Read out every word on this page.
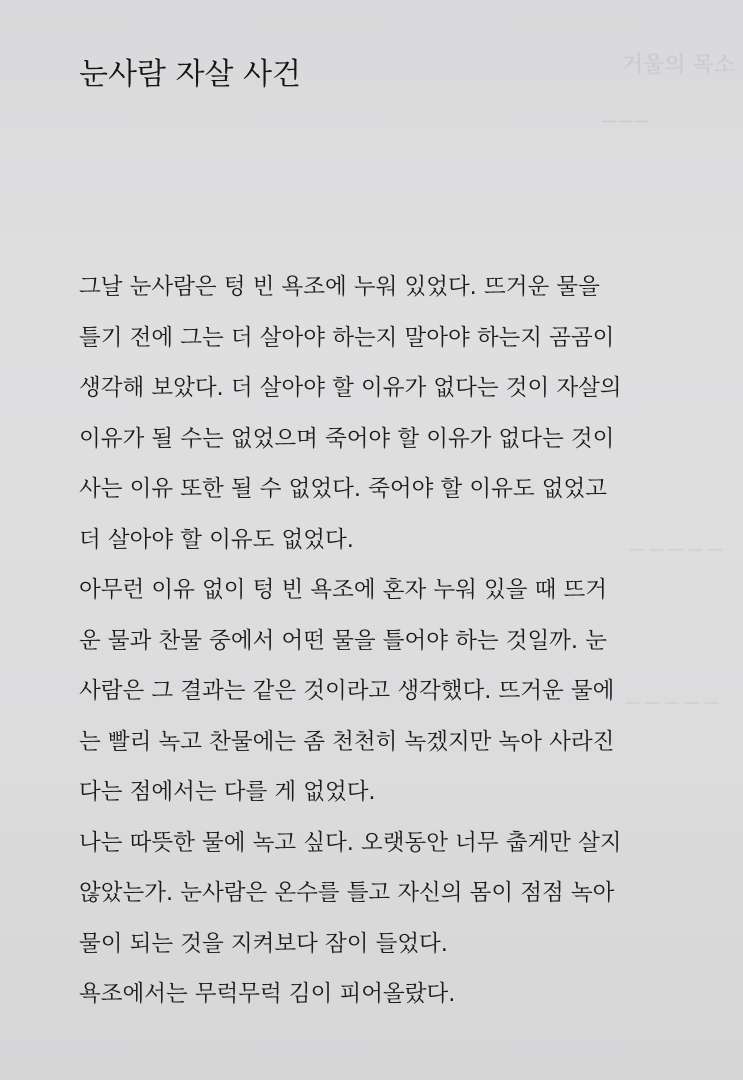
거울의 목소
———
— — — — —
— — — — —
눈사람 자살 사건
그날 눈사람은 텅 빈 욕조에 누워 있었다. 뜨거운 물을
틀기 전에 그는 더 살아야 하는지 말아야 하는지 곰곰이
생각해 보았다. 더 살아야 할 이유가 없다는 것이 자살의
이유가 될 수는 없었으며 죽어야 할 이유가 없다는 것이
사는 이유 또한 될 수 없었다. 죽어야 할 이유도 없었고
더 살아야 할 이유도 없었다.
아무런 이유 없이 텅 빈 욕조에 혼자 누워 있을 때 뜨거
운 물과 찬물 중에서 어떤 물을 틀어야 하는 것일까. 눈
사람은 그 결과는 같은 것이라고 생각했다. 뜨거운 물에
는 빨리 녹고 찬물에는 좀 천천히 녹겠지만 녹아 사라진
다는 점에서는 다를 게 없었다.
나는 따뜻한 물에 녹고 싶다. 오랫동안 너무 춥게만 살지
않았는가. 눈사람은 온수를 틀고 자신의 몸이 점점 녹아
물이 되는 것을 지켜보다 잠이 들었다.
욕조에서는 무럭무럭 김이 피어올랐다.
